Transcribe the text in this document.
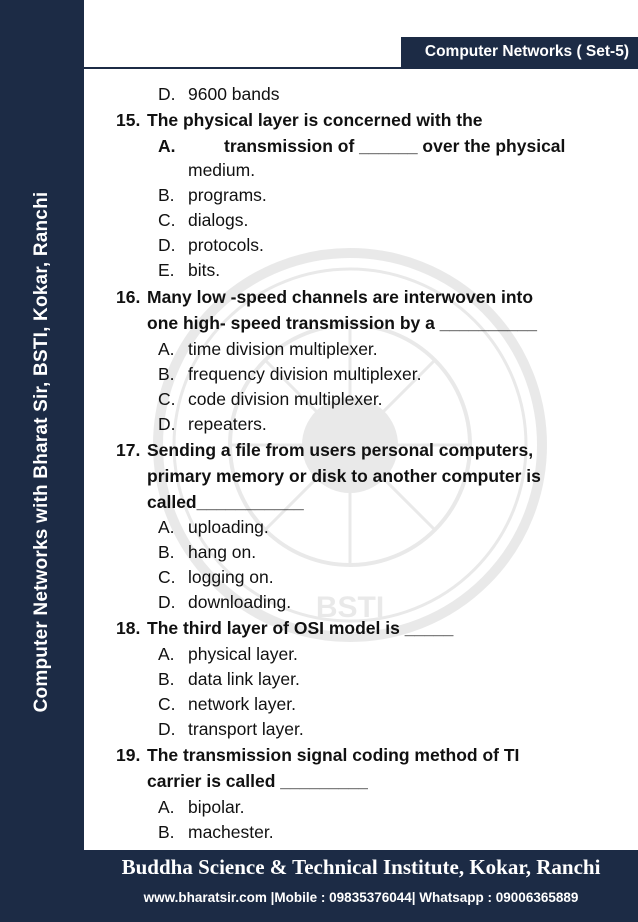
Computer Networks with Bharat Sir, BSTI, Kokar, Ranchi
Computer Networks ( Set-5)
BSTI
D. 9600 bands
15. The physical layer is concerned with the
A.	transmission of ______ over the physical
medium.
B. programs.
C. dialogs.
D. protocols.
E. bits.
16. Many low -speed channels are interwoven into
one high- speed transmission by a __________
A. time division multiplexer.
B. frequency division multiplexer.
C. code division multiplexer.
D. repeaters.
17. Sending a file from users personal computers,
primary memory or disk to another computer is
called___________
A. uploading.
B. hang on.
C. logging on.
D. downloading.
18. The third layer of OSI model is _____
A. physical layer.
B. data link layer.
C. network layer.
D. transport layer.
19. The transmission signal coding method of TI
carrier is called _________
A. bipolar.
B. machester.
Buddha Science & Technical Institute, Kokar, Ranchi
www.bharatsir.com |Mobile : 09835376044| Whatsapp : 09006365889
